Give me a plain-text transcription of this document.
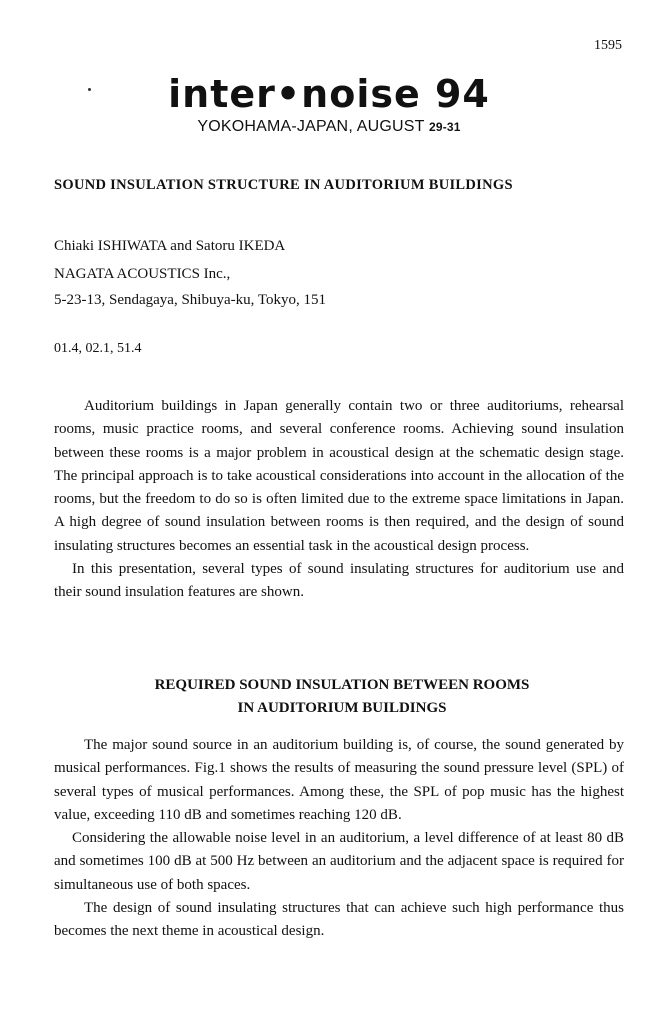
1595
inter•noise 94
YOKOHAMA-JAPAN, AUGUST 29-31
SOUND INSULATION STRUCTURE IN AUDITORIUM BUILDINGS
Chiaki ISHIWATA and Satoru IKEDA
NAGATA ACOUSTICS Inc.,
5-23-13, Sendagaya, Shibuya-ku, Tokyo, 151
01.4, 02.1, 51.4

Auditorium buildings in Japan generally contain two or three auditoriums, rehearsal rooms, music practice rooms, and several conference rooms. Achieving sound insulation between these rooms is a major problem in acoustical design at the schematic design stage. The principal approach is to take acoustical considerations into account in the allocation of the rooms, but the freedom to do so is often limited due to the extreme space limitations in Japan. A high degree of sound insulation between rooms is then required, and the design of sound insulating structures becomes an essential task in the acoustical design process.

In this presentation, several types of sound insulating structures for auditorium use and their sound insulation features are shown.

REQUIRED SOUND INSULATION BETWEEN ROOMS
IN AUDITORIUM BUILDINGS

The major sound source in an auditorium building is, of course, the sound generated by musical performances. Fig.1 shows the results of measuring the sound pressure level (SPL) of several types of musical performances. Among these, the SPL of pop music has the highest value, exceeding 110 dB and sometimes reaching 120 dB.

Considering the allowable noise level in an auditorium, a level difference of at least 80 dB and sometimes 100 dB at 500 Hz between an auditorium and the adjacent space is required for simultaneous use of both spaces.

The design of sound insulating structures that can achieve such high performance thus becomes the next theme in acoustical design.
